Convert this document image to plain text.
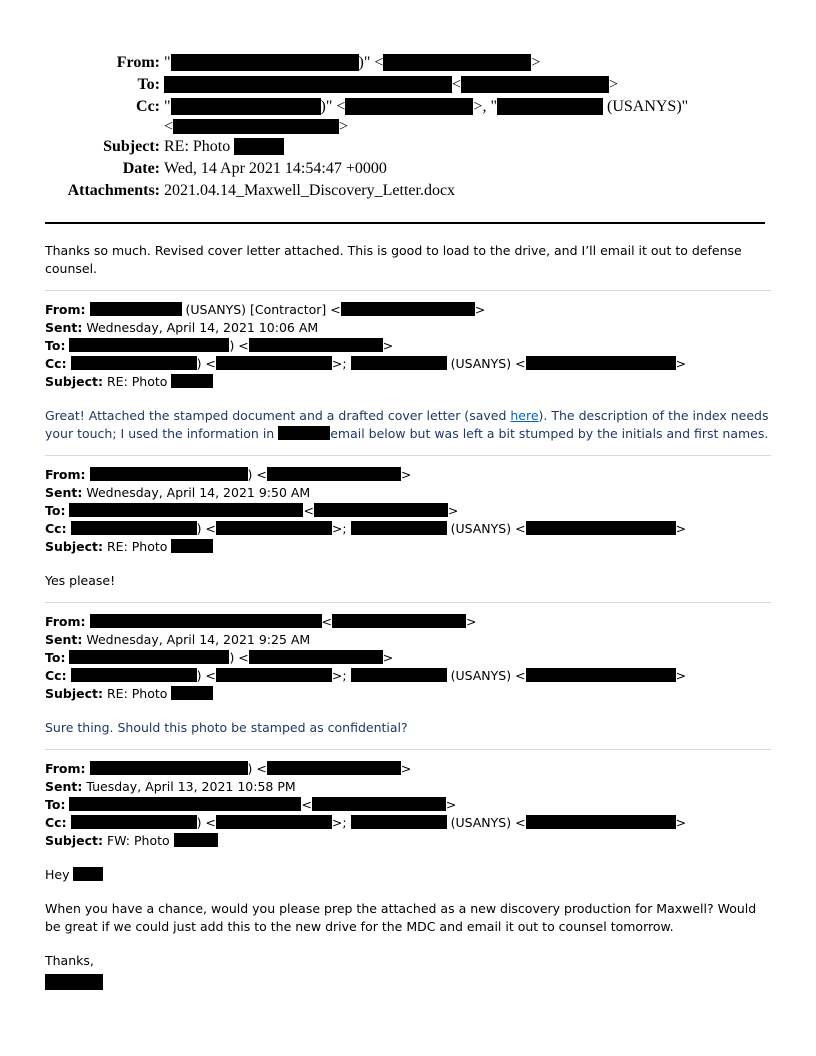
From: "	)" <	>
To:	<	>
Cc: "	)" <	>, "	(USANYS)"
<	>
Subject: RE: Photo
Date: Wed, 14 Apr 2021 14:54:47 +0000
Attachments: 2021.04.14_Maxwell_Discovery_Letter.docx

Thanks so much. Revised cover letter attached. This is good to load to the drive, and I’ll email it out to defense counsel.

From:	(USANYS) [Contractor] <	>
Sent: Wednesday, April 14, 2021 10:06 AM
To:	) <	>
Cc:	) <	>;	(USANYS) <	>
Subject: RE: Photo

Great! Attached the stamped document and a drafted cover letter (saved here). The description of the index needs your touch; I used the information in	email below but was left a bit stumped by the initials and first names.

From:	) <	>
Sent: Wednesday, April 14, 2021 9:50 AM
To:	<	>
Cc:	) <	>;	(USANYS) <	>
Subject: RE: Photo

Yes please!

From:	<	>
Sent: Wednesday, April 14, 2021 9:25 AM
To:	) <	>
Cc:	) <	>;	(USANYS) <	>
Subject: RE: Photo

Sure thing. Should this photo be stamped as confidential?

From:	) <	>
Sent: Tuesday, April 13, 2021 10:58 PM
To:	<	>
Cc:	) <	>;	(USANYS) <	>
Subject: FW: Photo

Hey

When you have a chance, would you please prep the attached as a new discovery production for Maxwell? Would be great if we could just add this to the new drive for the MDC and email it out to counsel tomorrow.

Thanks,
